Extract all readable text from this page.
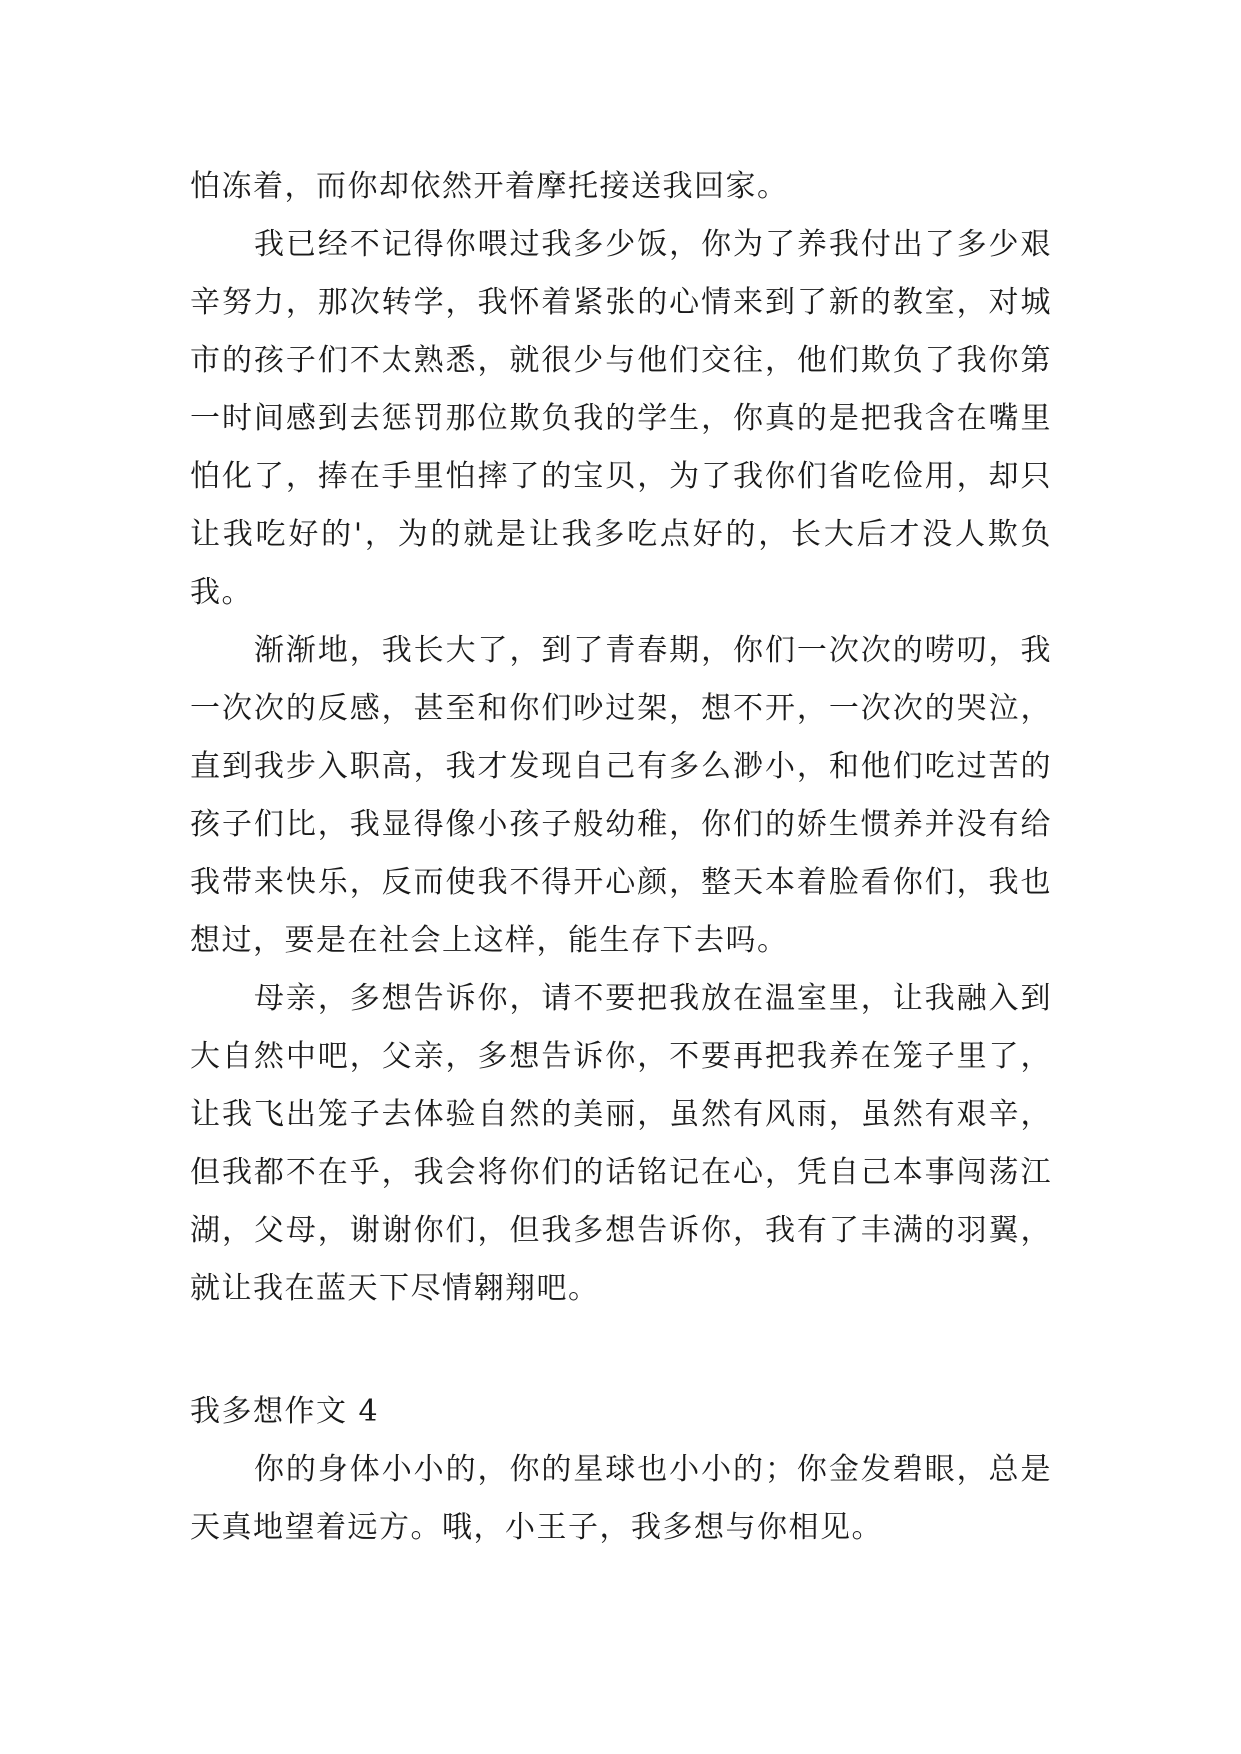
怕冻着，而你却依然开着摩托接送我回家。

我已经不记得你喂过我多少饭，你为了养我付出了多少艰辛努力，那次转学，我怀着紧张的心情来到了新的教室，对城市的孩子们不太熟悉，就很少与他们交往，他们欺负了我你第一时间感到去惩罚那位欺负我的学生，你真的是把我含在嘴里怕化了，捧在手里怕摔了的宝贝，为了我你们省吃俭用，却只让我吃好的'，为的就是让我多吃点好的，长大后才没人欺负我。

渐渐地，我长大了，到了青春期，你们一次次的唠叨，我一次次的反感，甚至和你们吵过架，想不开，一次次的哭泣，直到我步入职高，我才发现自己有多么渺小，和他们吃过苦的孩子们比，我显得像小孩子般幼稚，你们的娇生惯养并没有给我带来快乐，反而使我不得开心颜，整天本着脸看你们，我也想过，要是在社会上这样，能生存下去吗。

母亲，多想告诉你，请不要把我放在温室里，让我融入到大自然中吧，父亲，多想告诉你，不要再把我养在笼子里了，让我飞出笼子去体验自然的美丽，虽然有风雨，虽然有艰辛，但我都不在乎，我会将你们的话铭记在心，凭自己本事闯荡江湖，父母，谢谢你们，但我多想告诉你，我有了丰满的羽翼，就让我在蓝天下尽情翱翔吧。

我多想作文 4

你的身体小小的，你的星球也小小的；你金发碧眼，总是天真地望着远方。哦，小王子，我多想与你相见。
